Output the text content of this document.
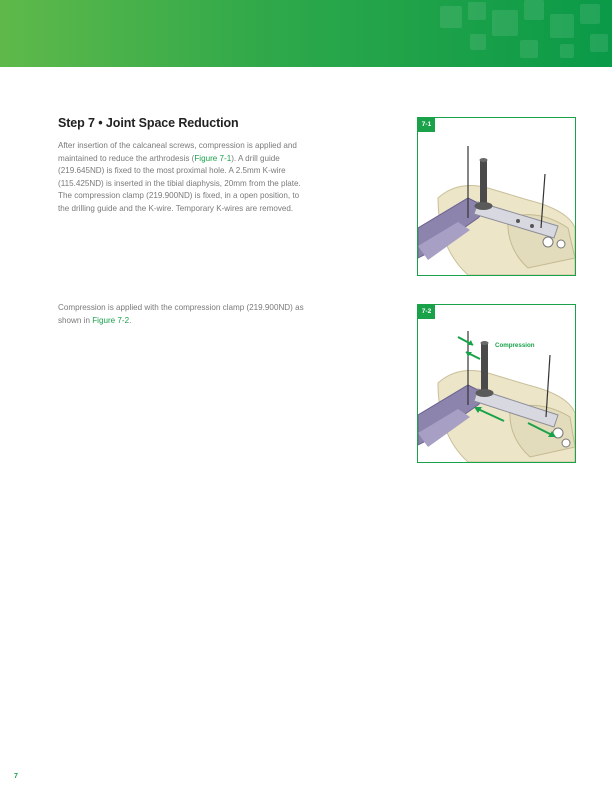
Step 7 • Joint Space Reduction

After insertion of the calcaneal screws, compression is applied and maintained to reduce the arthrodesis (Figure 7-1). A drill guide (219.645ND) is fixed to the most proximal hole. A 2.5mm K-wire (115.425ND) is inserted in the tibial diaphysis, 20mm from the plate. The compression clamp (219.900ND) is fixed, in a open position, to the drilling guide and the K-wire. Temporary K-wires are removed.

Compression is applied with the compression clamp (219.900ND) as shown in Figure 7-2.

7-1
7-2
Compression
7
